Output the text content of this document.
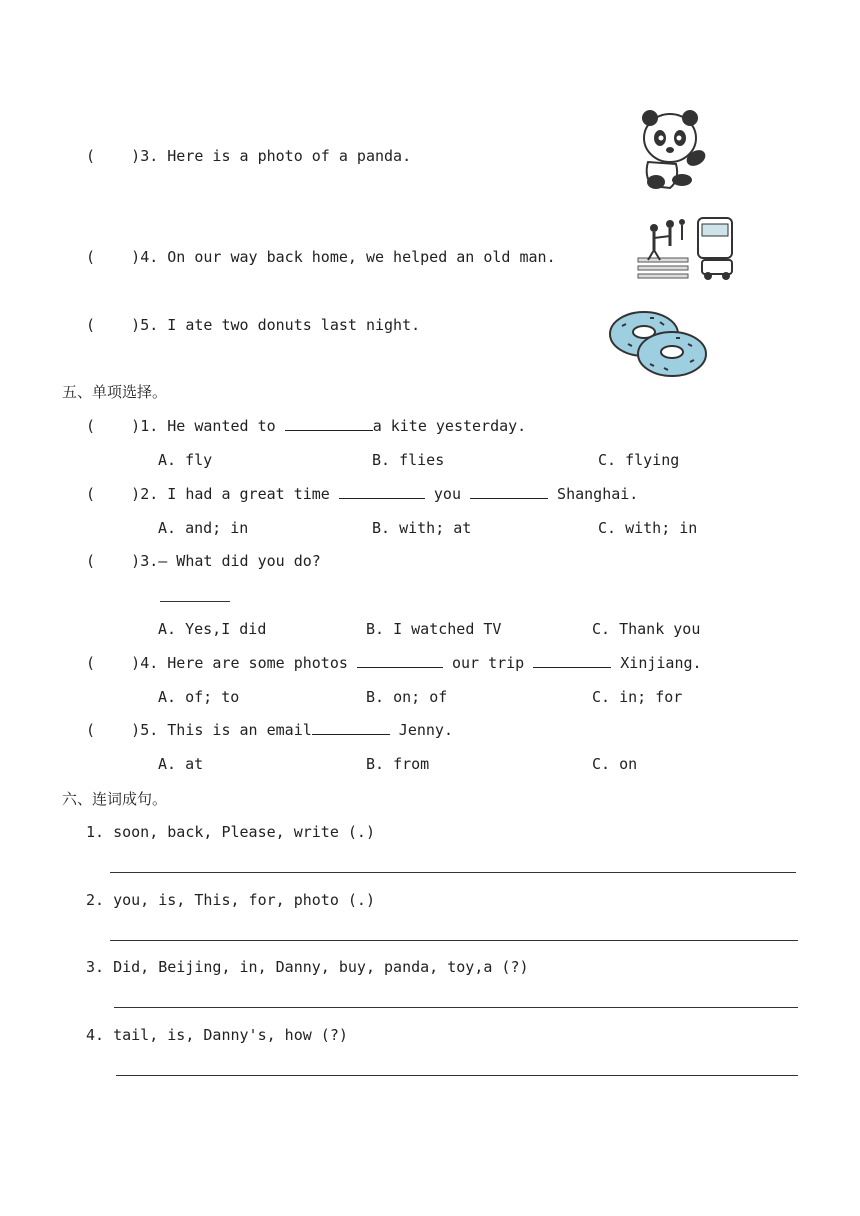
(    )3. Here is a photo of a panda.
(    )4. On our way back home, we helped an old man.
(    )5. I ate two donuts last night.
五、单项选择。
(    )1. He wanted to	a kite yesterday.
A. fly	B. flies	C. flying
(    )2. I had a great time	you	Shanghai.
A. and; in	B. with; at	C. with; in
(    )3.— What did you do?
A. Yes,I did	B. I watched TV	C. Thank you
(    )4. Here are some photos	our trip	Xinjiang.
A. of; to	B. on; of	C. in; for
(    )5. This is an email	Jenny.
A. at	B. from	C. on
六、连词成句。
1. soon, back, Please, write (.)
2. you, is, This, for, photo (.)
3. Did, Beijing, in, Danny, buy, panda, toy,a (?)
4. tail, is, Danny's, how (?)
